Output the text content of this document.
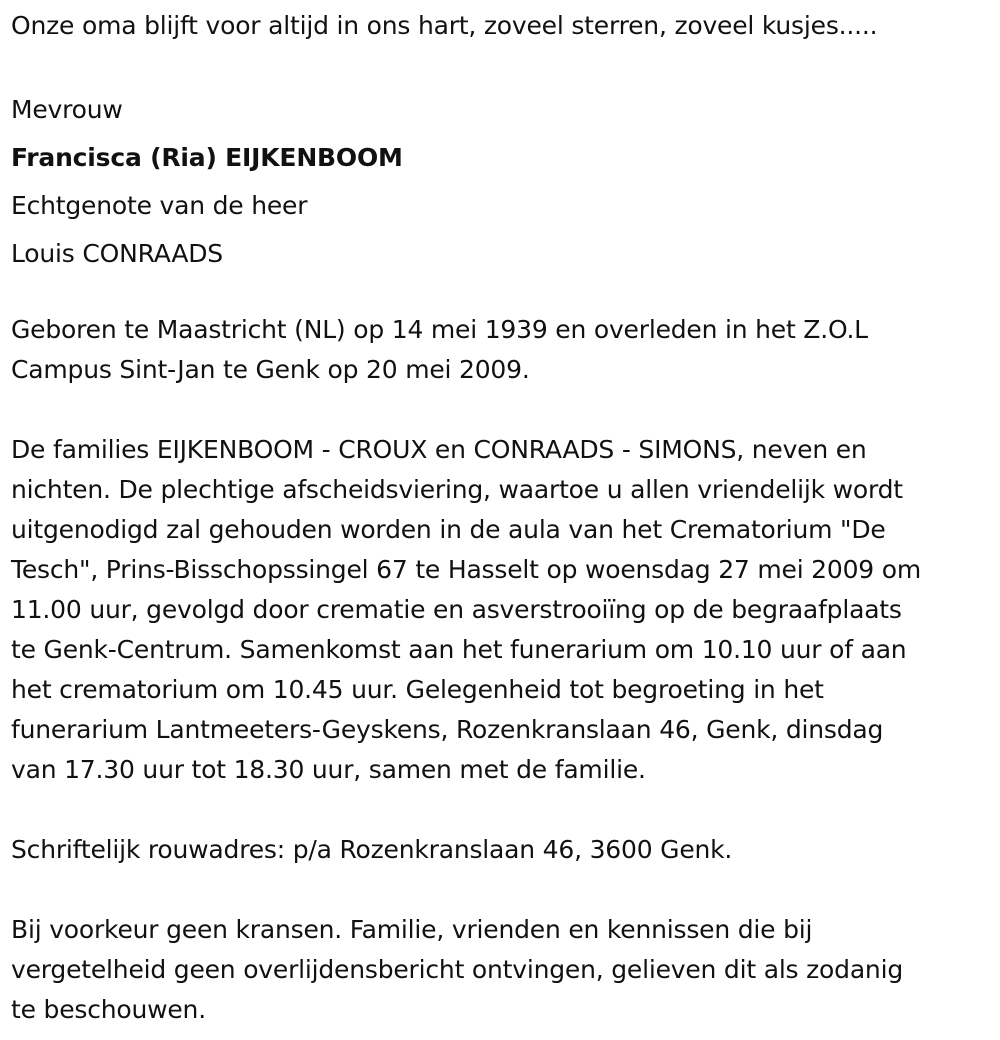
Onze oma blijft voor altijd in ons hart, zoveel sterren, zoveel kusjes.....
Mevrouw
Francisca (Ria) EIJKENBOOM
Echtgenote van de heer
Louis CONRAADS
Geboren te Maastricht (NL) op 14 mei 1939 en overleden in het Z.O.L
Campus Sint-Jan te Genk op 20 mei 2009.
De families EIJKENBOOM - CROUX en CONRAADS - SIMONS, neven en
nichten. De plechtige afscheidsviering, waartoe u allen vriendelijk wordt
uitgenodigd zal gehouden worden in de aula van het Crematorium "De
Tesch", Prins-Bisschopssingel 67 te Hasselt op woensdag 27 mei 2009 om
11.00 uur, gevolgd door crematie en asverstrooiïng op de begraafplaats
te Genk-Centrum. Samenkomst aan het funerarium om 10.10 uur of aan
het crematorium om 10.45 uur. Gelegenheid tot begroeting in het
funerarium Lantmeeters-Geyskens, Rozenkranslaan 46, Genk, dinsdag
van 17.30 uur tot 18.30 uur, samen met de familie.
Schriftelijk rouwadres: p/a Rozenkranslaan 46, 3600 Genk.
Bij voorkeur geen kransen. Familie, vrienden en kennissen die bij
vergetelheid geen overlijdensbericht ontvingen, gelieven dit als zodanig
te beschouwen.
